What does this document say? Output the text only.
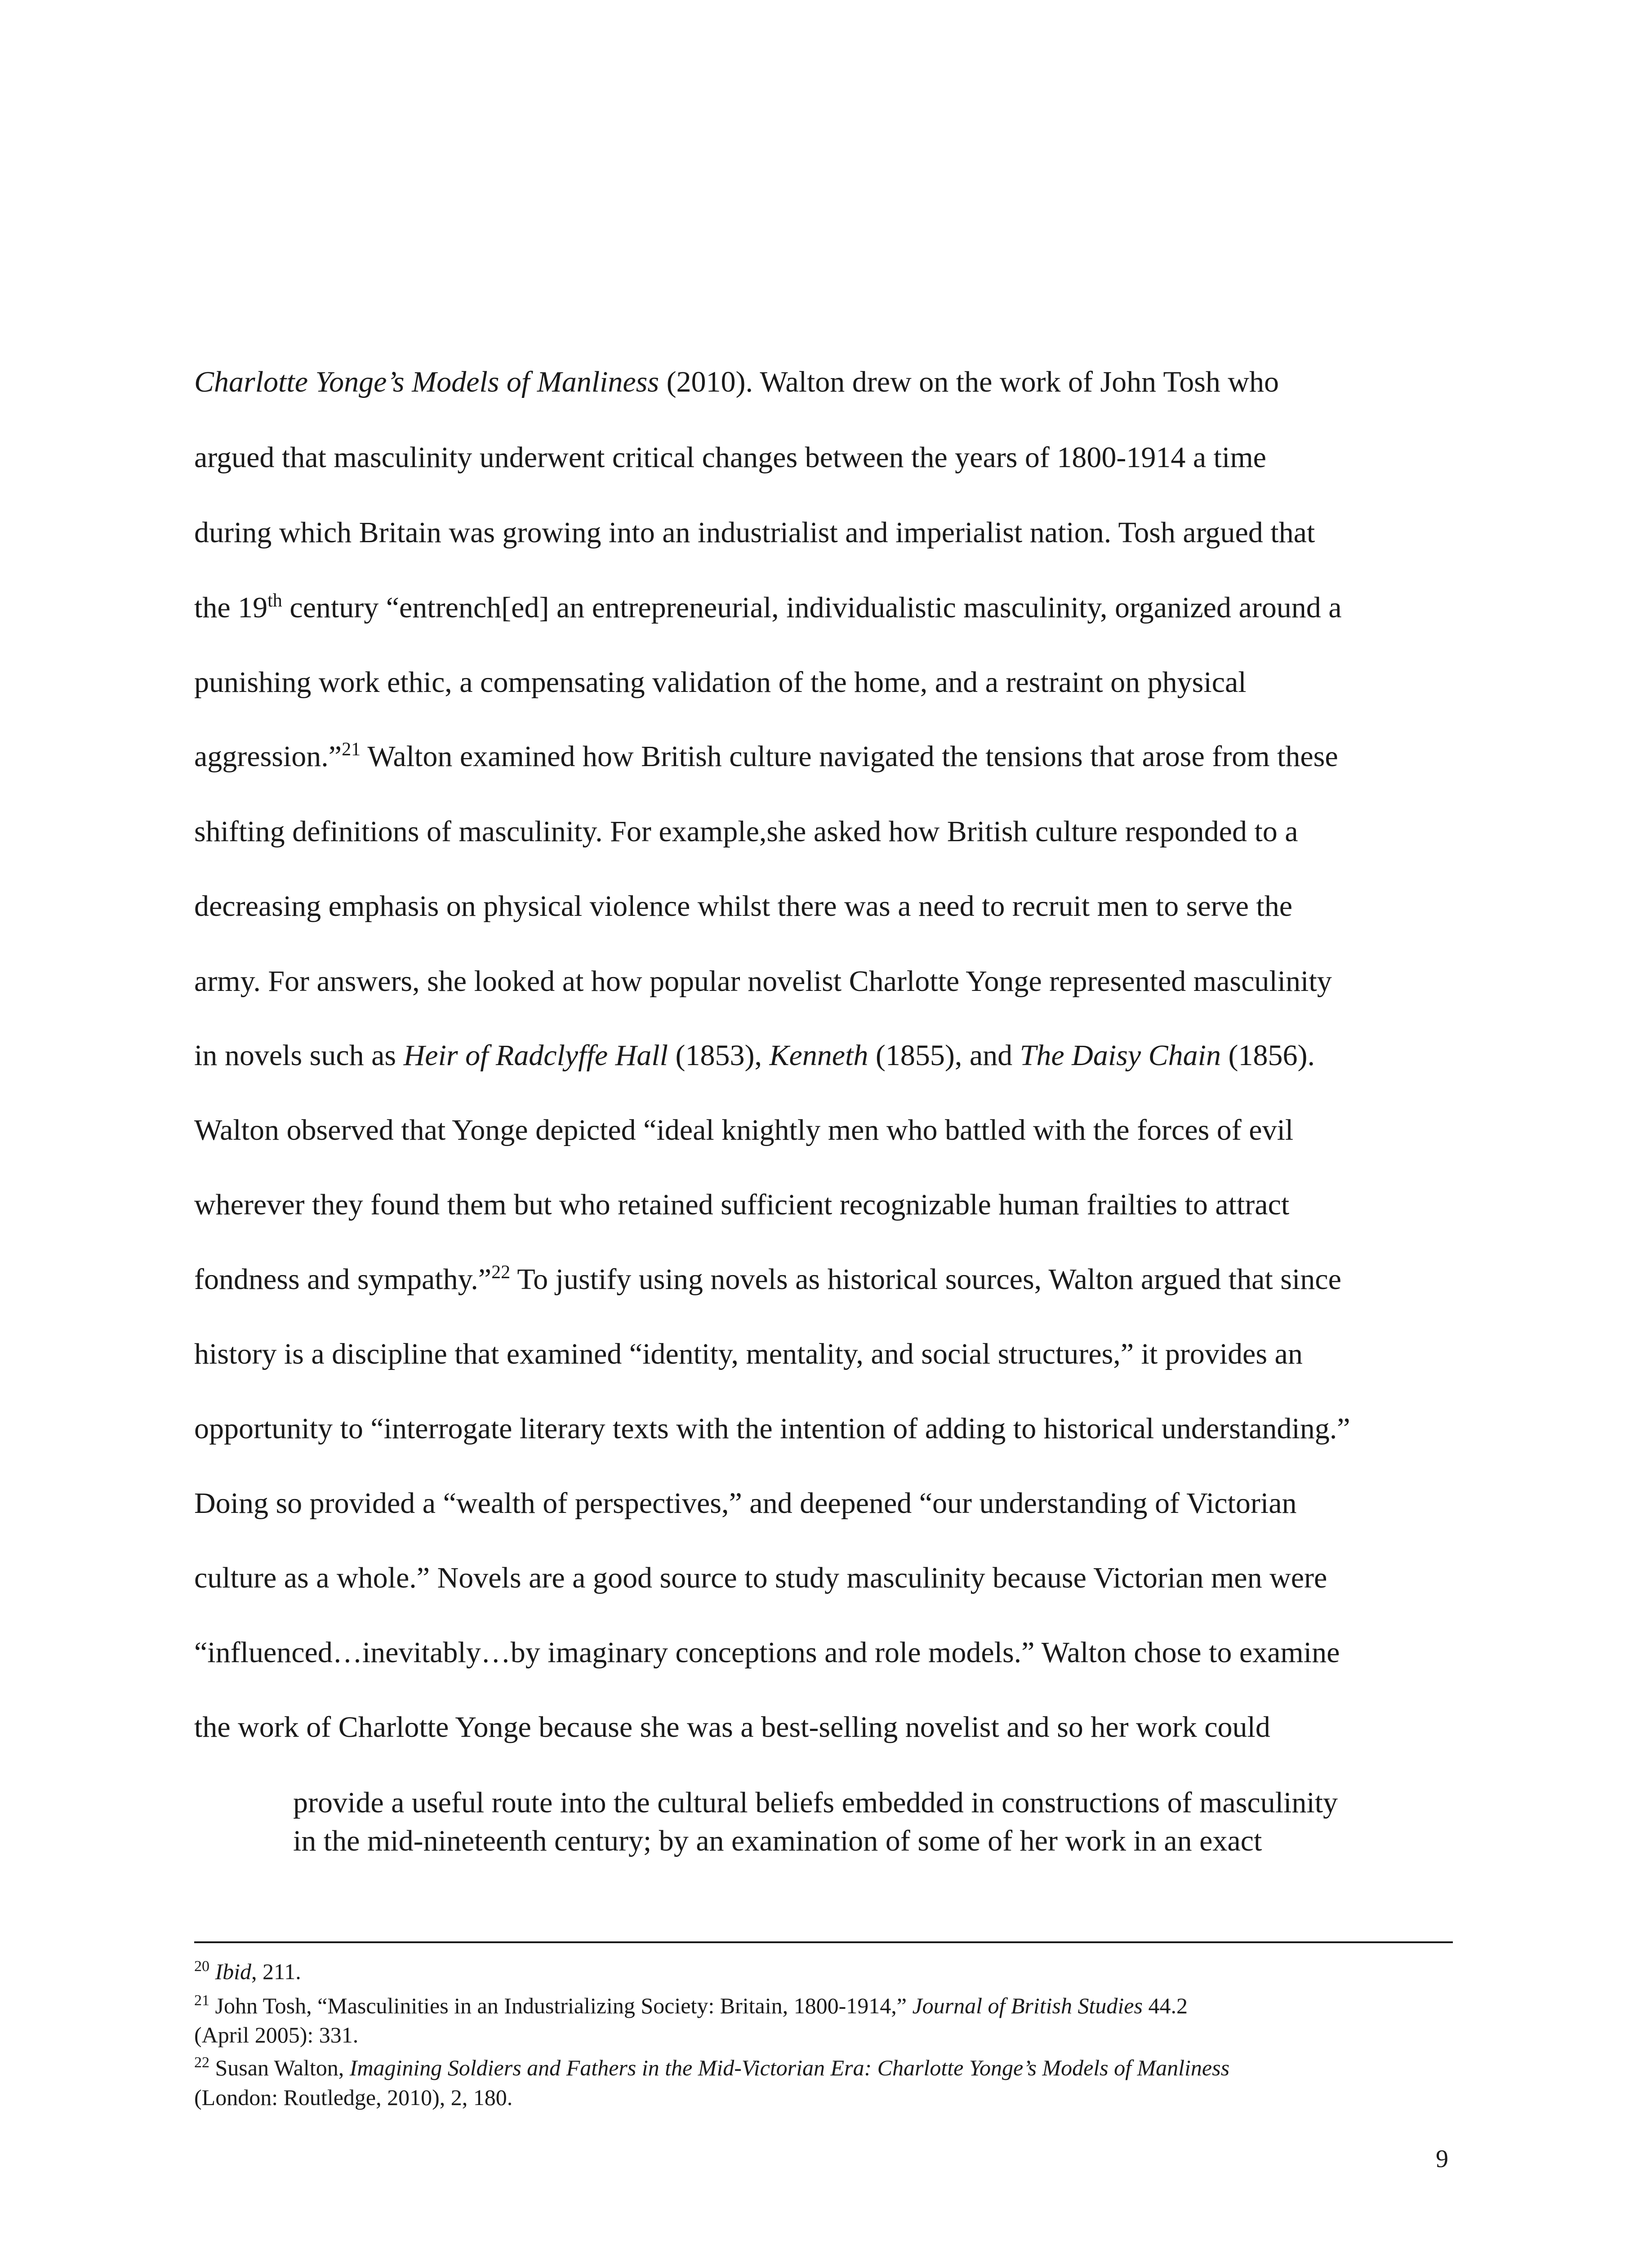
Charlotte Yonge’s Models of Manliness (2010). Walton drew on the work of John Tosh who
argued that masculinity underwent critical changes between the years of 1800-1914 a time
during which Britain was growing into an industrialist and imperialist nation. Tosh argued that
the 19th century “entrench[ed] an entrepreneurial, individualistic masculinity, organized around a
punishing work ethic, a compensating validation of the home, and a restraint on physical
aggression.”$^{21}$ Walton examined how British culture navigated the tensions that arose from these
shifting definitions of masculinity. For example,she asked how British culture responded to a
decreasing emphasis on physical violence whilst there was a need to recruit men to serve the
army. For answers, she looked at how popular novelist Charlotte Yonge represented masculinity
in novels such as Heir of Radclyffe Hall (1853), Kenneth (1855), and The Daisy Chain (1856).
Walton observed that Yonge depicted “ideal knightly men who battled with the forces of evil
wherever they found them but who retained sufficient recognizable human frailties to attract
fondness and sympathy.”$^{22}$ To justify using novels as historical sources, Walton argued that since
history is a discipline that examined “identity, mentality, and social structures,” it provides an
opportunity to “interrogate literary texts with the intention of adding to historical understanding.”
Doing so provided a “wealth of perspectives,” and deepened “our understanding of Victorian
culture as a whole.” Novels are a good source to study masculinity because Victorian men were
“influenced…inevitably…by imaginary conceptions and role models.” Walton chose to examine
the work of Charlotte Yonge because she was a best-selling novelist and so her work could
provide a useful route into the cultural beliefs embedded in constructions of masculinity
in the mid-nineteenth century; by an examination of some of her work in an exact
$^{20}$ Ibid, 211.
$^{21}$ John Tosh, “Masculinities in an Industrializing Society: Britain, 1800-1914,” Journal of British Studies 44.2
(April 2005): 331.
$^{22}$ Susan Walton, Imagining Soldiers and Fathers in the Mid-Victorian Era: Charlotte Yonge’s Models of Manliness
(London: Routledge, 2010), 2, 180.
9
